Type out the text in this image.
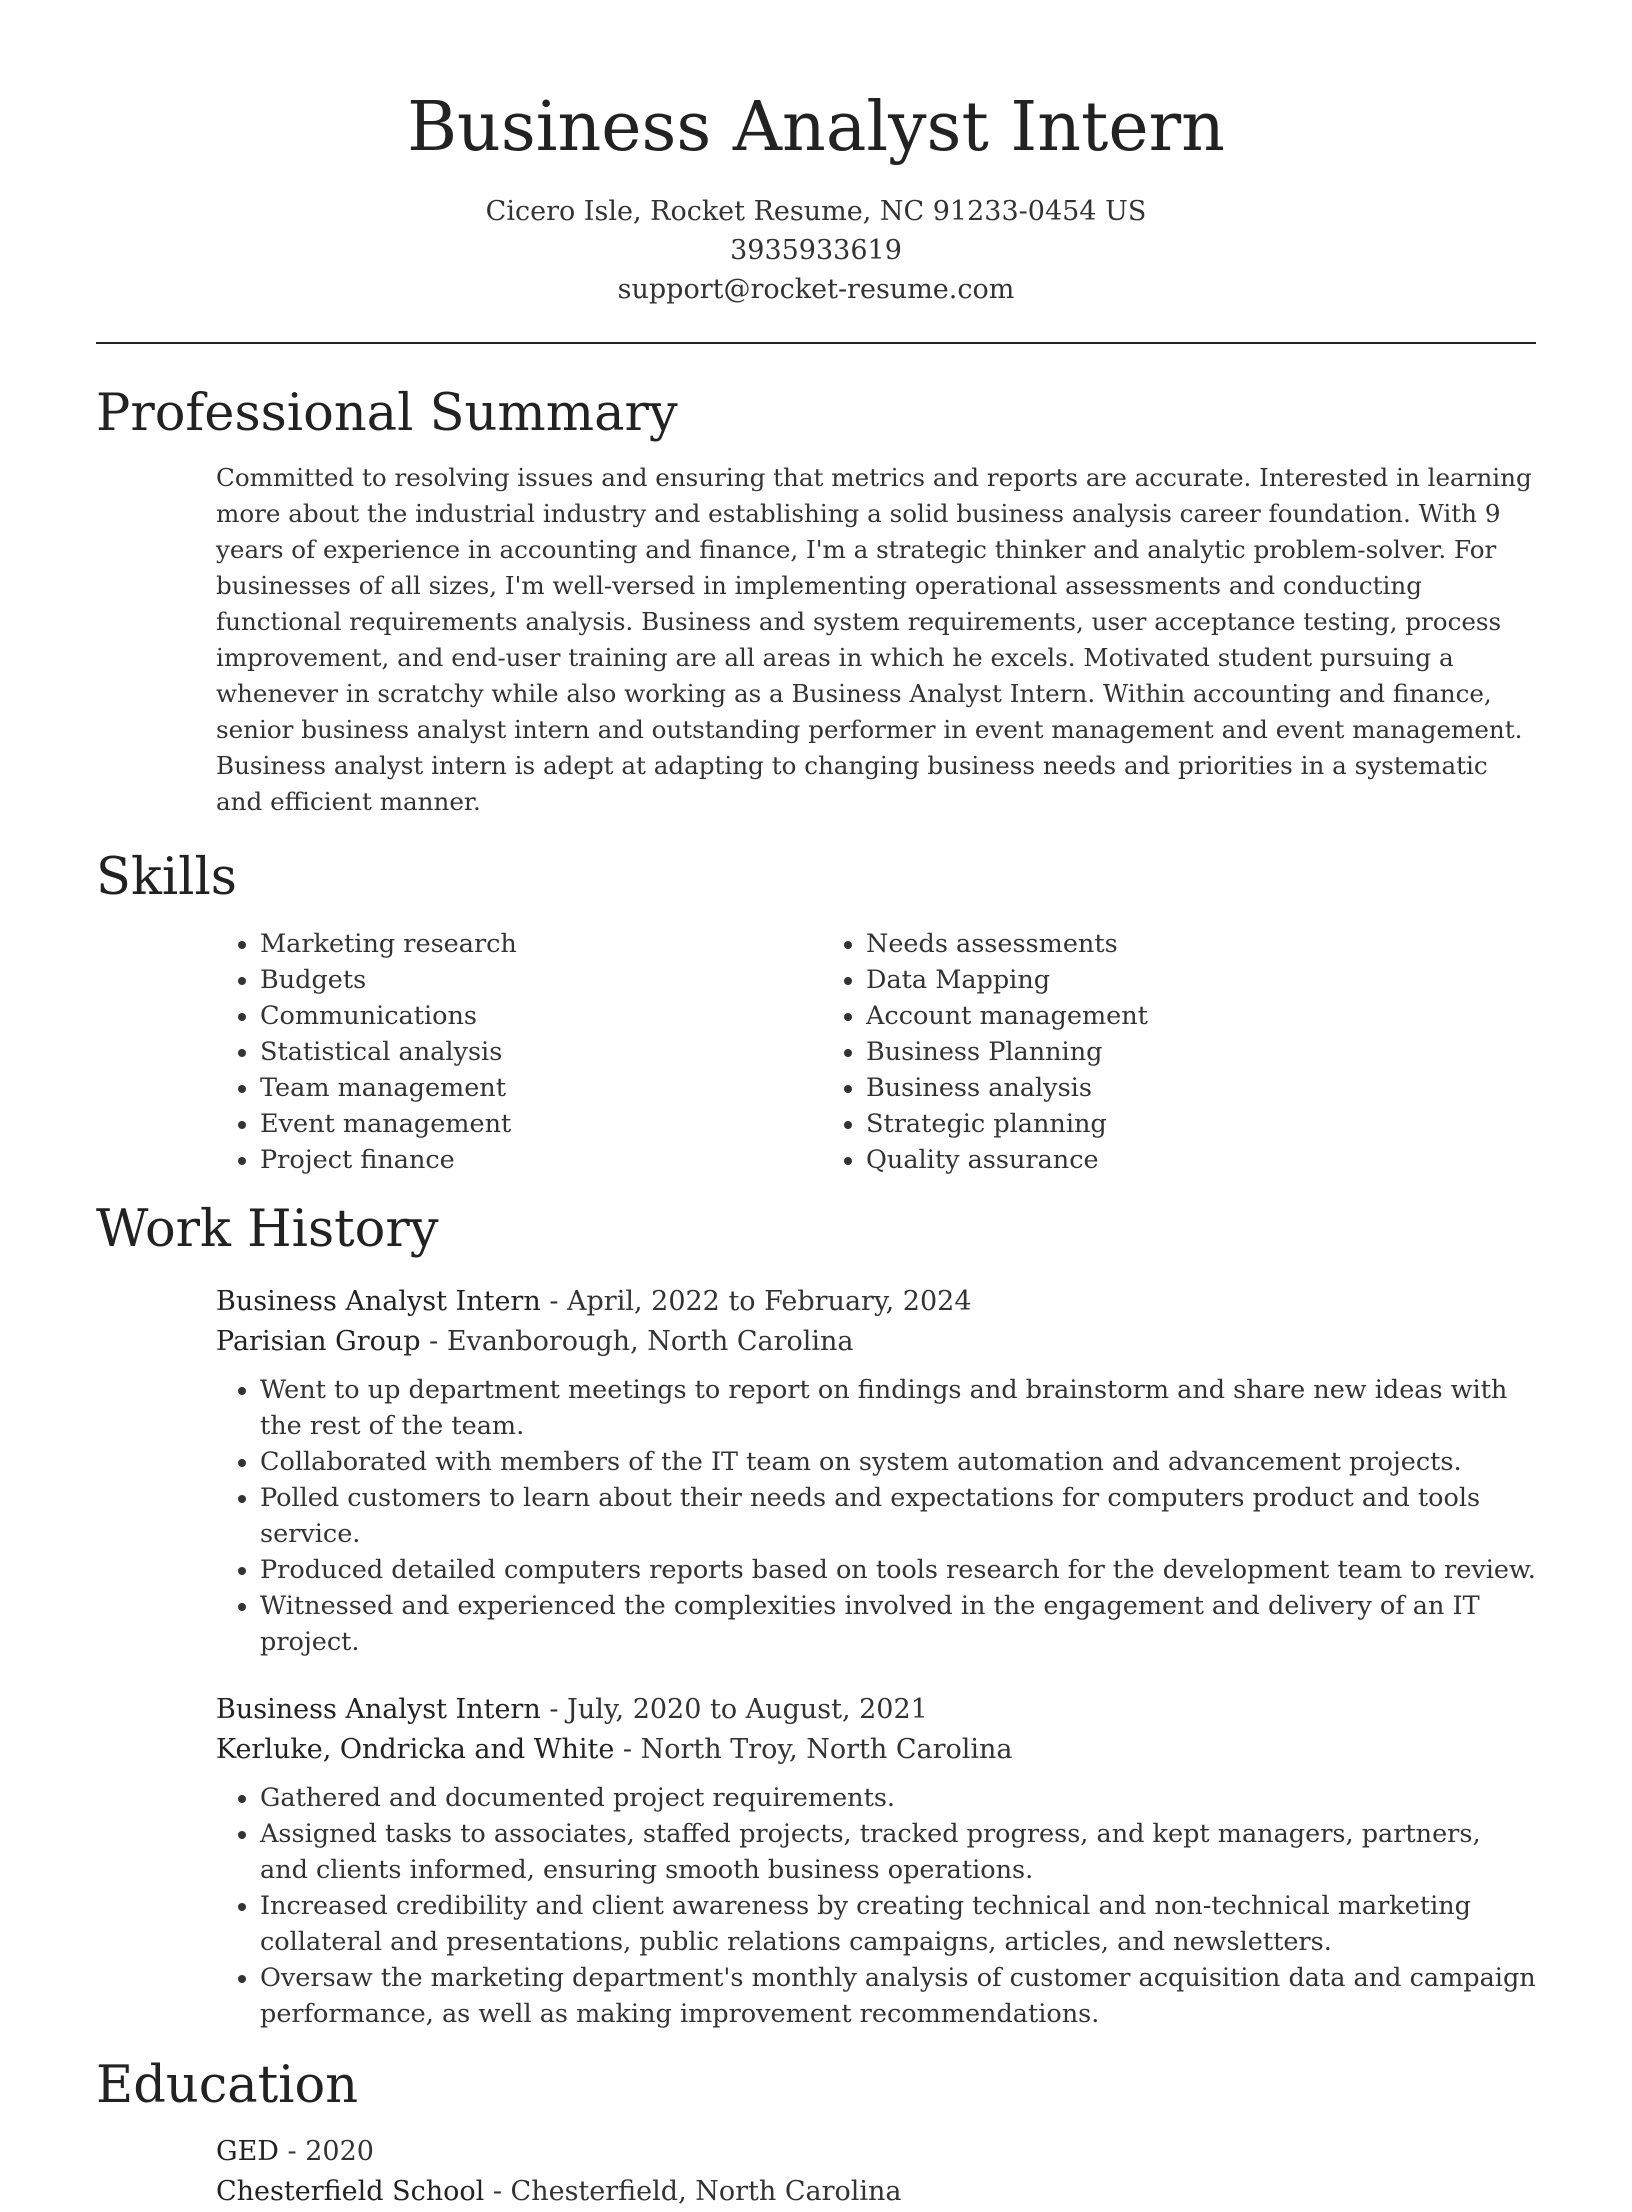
Business Analyst Intern
Cicero Isle, Rocket Resume, NC 91233-0454 US
3935933619
support@rocket-resume.com
Professional Summary

Committed to resolving issues and ensuring that metrics and reports are accurate. Interested in learning more about the industrial industry and establishing a solid business analysis career foundation. With 9 years of experience in accounting and finance, I'm a strategic thinker and analytic problem-solver. For businesses of all sizes, I'm well-versed in implementing operational assessments and conducting functional requirements analysis. Business and system requirements, user acceptance testing, process improvement, and end-user training are all areas in which he excels. Motivated student pursuing a whenever in scratchy while also working as a Business Analyst Intern. Within accounting and finance, senior business analyst intern and outstanding performer in event management and event management. Business analyst intern is adept at adapting to changing business needs and priorities in a systematic and efficient manner.

Skills
• Marketing research
• Budgets
• Communications
• Statistical analysis
• Team management
• Event management
• Project finance
• Needs assessments
• Data Mapping
• Account management
• Business Planning
• Business analysis
• Strategic planning
• Quality assurance
Work History
Business Analyst Intern - April, 2022 to February, 2024
Parisian Group - Evanborough, North Carolina
• Went to up department meetings to report on findings and brainstorm and share new ideas with the rest of the team.
• Collaborated with members of the IT team on system automation and advancement projects.
• Polled customers to learn about their needs and expectations for computers product and tools service.
• Produced detailed computers reports based on tools research for the development team to review.
• Witnessed and experienced the complexities involved in the engagement and delivery of an IT project.
Business Analyst Intern - July, 2020 to August, 2021
Kerluke, Ondricka and White - North Troy, North Carolina
• Gathered and documented project requirements.
• Assigned tasks to associates, staffed projects, tracked progress, and kept managers, partners, and clients informed, ensuring smooth business operations.
• Increased credibility and client awareness by creating technical and non-technical marketing collateral and presentations, public relations campaigns, articles, and newsletters.
• Oversaw the marketing department's monthly analysis of customer acquisition data and campaign performance, as well as making improvement recommendations.
Education
GED - 2020
Chesterfield School - Chesterfield, North Carolina
